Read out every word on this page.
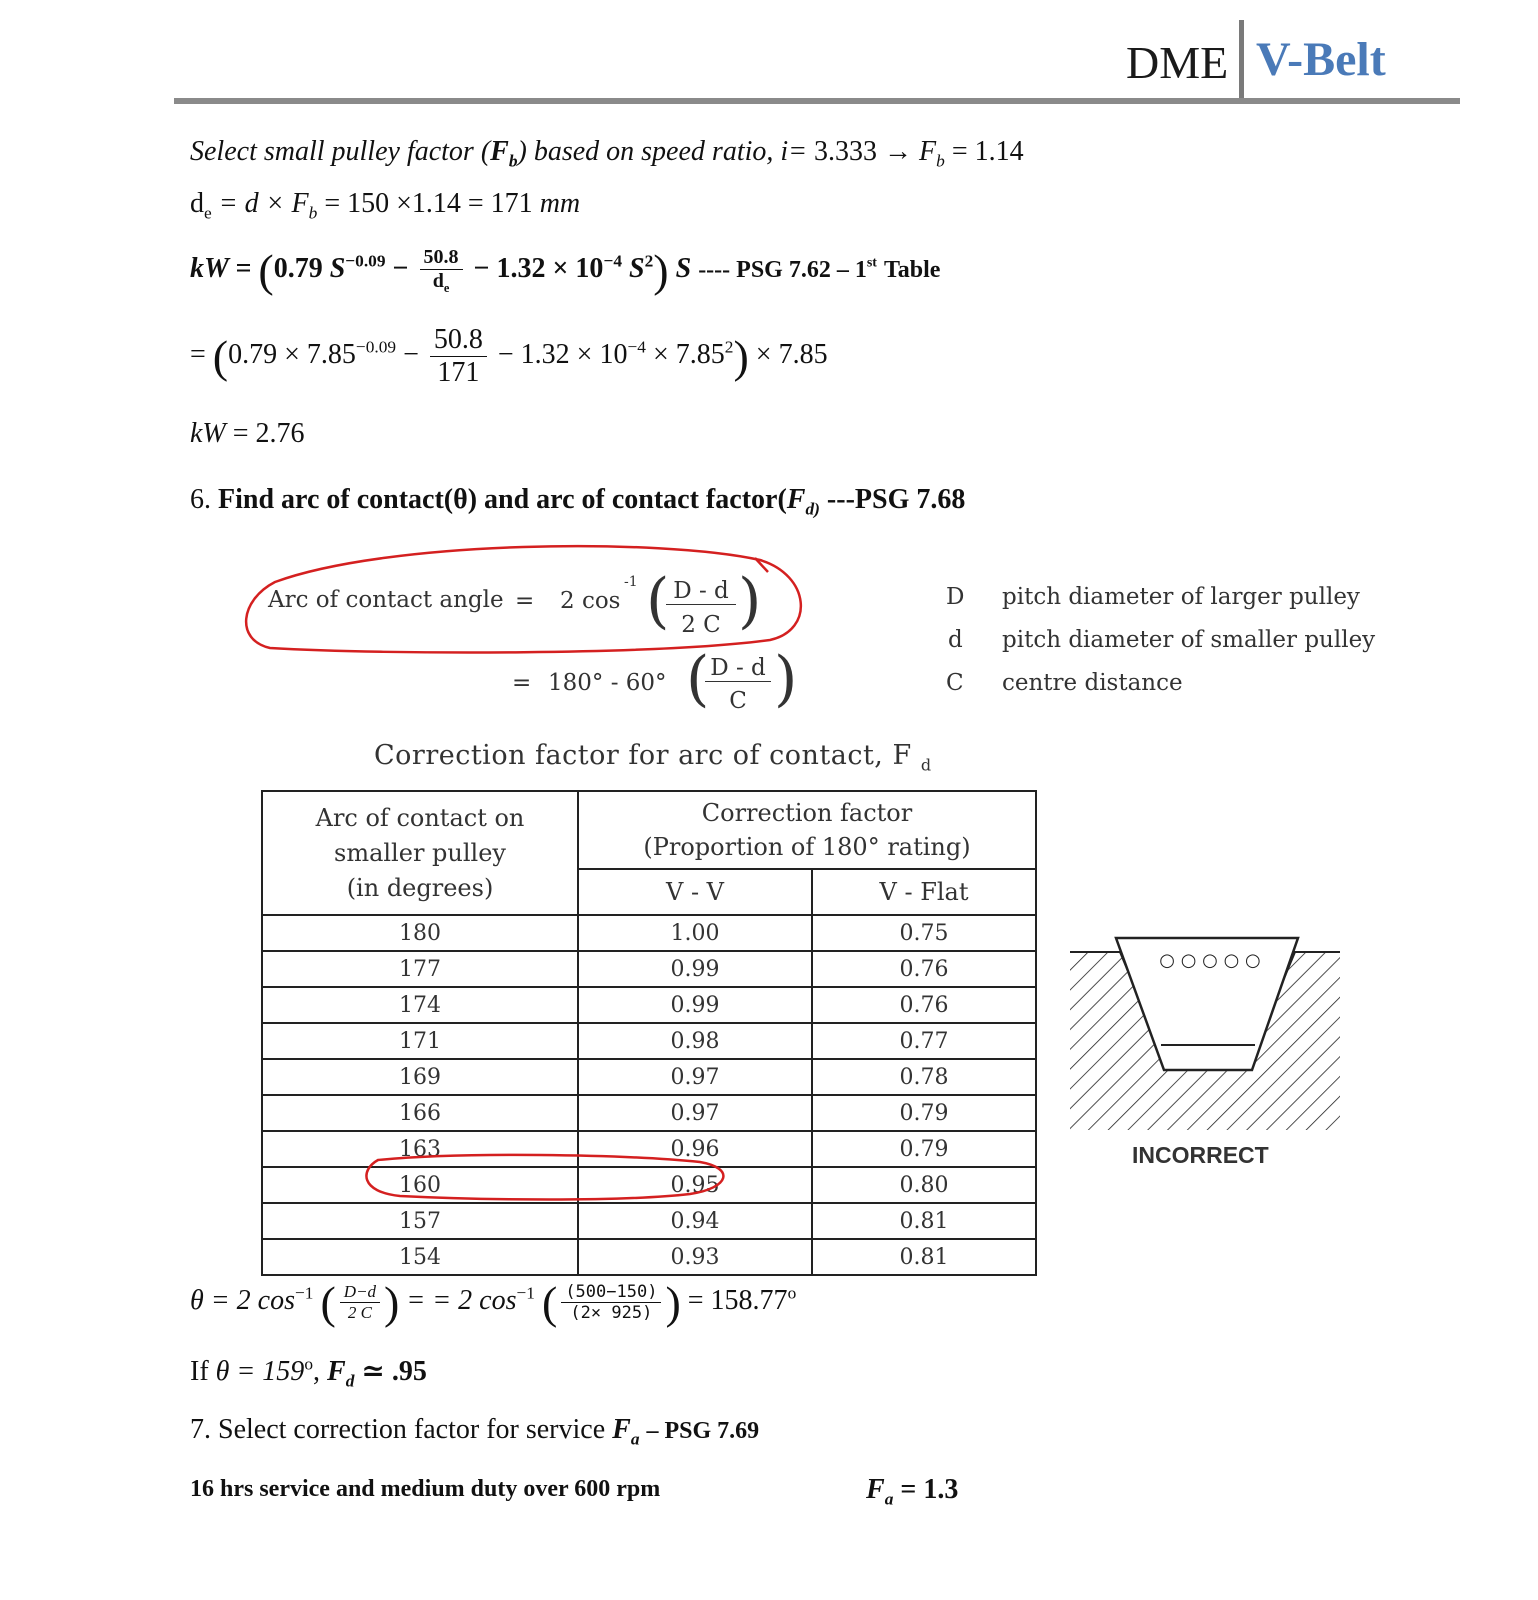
DME V-Belt
Select small pulley factor $(F_b)$ based on speed ratio, $i= 3.333 \to F_b = 1.14$
$d_e = d \times F_b = 150 \times 1.14 = 171$ mm
kW = (0.79 $S^{-0.09} - \frac{50.8}{d_e} - 1.32 \times 10^{-4}$ $S^2$) S ---- PSG 7.62 – 1st Table
= $(0.79 \times 7.85^{-0.09} - \frac{50.8}{171} - 1.32 \times 10^{-4} \times 7.85^2) \times 7.85$
kW = 2.76
6. Find arc of contact(θ) and arc of contact $factor(F_{d)}$ ---PSG 7.68
Arc of contact angle = 2 cos
-1 ( D - d
2 C )
= 180° - 60° ( D - d
C )
D pitch diameter of larger pulley
d pitch diameter of smaller pulley
C centre distance
Correction factor for arc of contact, F $_d$
Arc of contact on
smaller pulley
(in degrees)	Correction factor
(Proportion of 180° rating)	
	V - V	V - Flat
180	1.00	0.75
177	0.99	0.76
174	0.99	0.76
171	0.98	0.77
169	0.97	0.78
166	0.97	0.79
163	0.96	0.79
160	0.95	0.80
157	0.94	0.81
154	0.93	0.81
○ ○ ○ ○ ○
INCORRECT
θ = 2 $\cos^{-1}$ ( $\frac{D-d}{2 C}$ ) = = 2 $\cos^{-1}$ ( $\frac{(500-150)}{(2\times 925)}$ ) = $158.77^o$
If $\theta = 159^o$, $F_d$ ≃ .95
7. Select correction factor for service $F_a$ – PSG 7.69
16 hrs service and medium duty over 600 rpm	$F_a = 1.3$
